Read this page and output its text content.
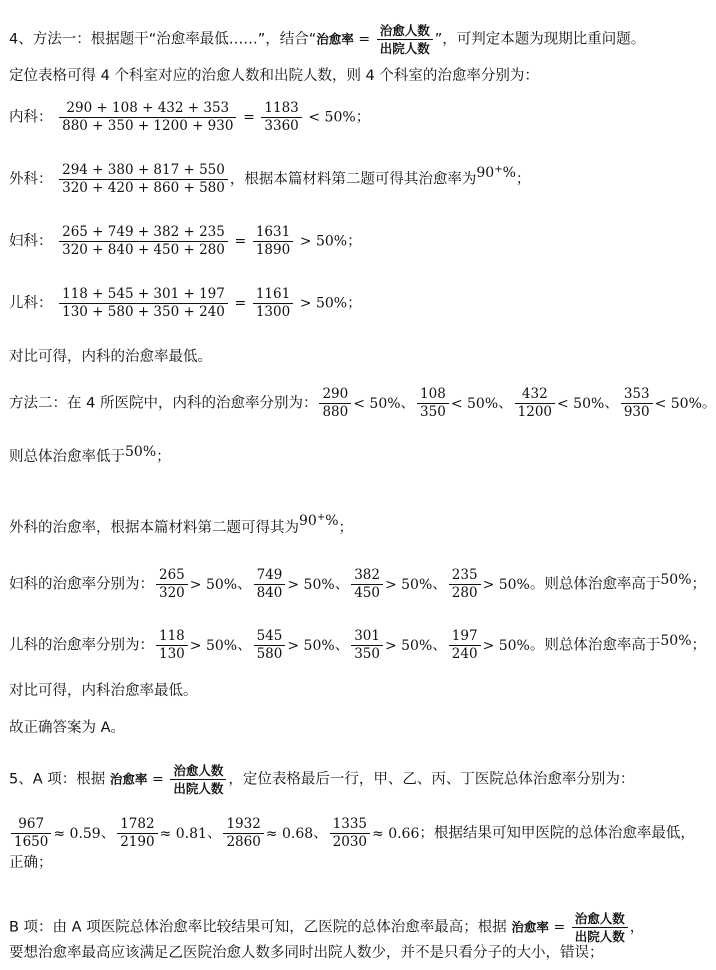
4、方法一：根据题干“治愈率最低……”，结合“治愈率 = $\frac{\text{治愈人数}}{\text{出院人数}}$ ”，可判定本题为现期比重问题。
定位表格可得 4 个科室对应的治愈人数和出院人数，则 4 个科室的治愈率分别为：
内科： $\frac{290 + 108 + 432 + 353}{880 + 350 + 1200 + 930} = \frac{1183}{3360} < 50\%$；
外科： $\frac{294 + 380 + 817 + 550}{320 + 420 + 860 + 580}$ ，根据本篇材料第二题可得其治愈率为90+%；
妇科： $\frac{265 + 749 + 382 + 235}{320 + 840 + 450 + 280} = \frac{1631}{1890} > 50\%$；
儿科： $\frac{118 + 545 + 301 + 197}{130 + 580 + 350 + 240} = \frac{1161}{1300} > 50\%$；
对比可得，内科的治愈率最低。
方法二：在 4 所医院中，内科的治愈率分别为： $\frac{290}{880} < 50\%$、 $\frac{108}{350} < 50\%$、 $\frac{432}{1200} < 50\%$、 $\frac{353}{930} < 50\%$。
则总体治愈率低于50%；
外科的治愈率，根据本篇材料第二题可得其为90+%；
妇科的治愈率分别为： $\frac{265}{320} > 50\%$、 $\frac{749}{840} > 50\%$、 $\frac{382}{450} > 50\%$、 $\frac{235}{280} > 50\%$。则总体治愈率高于50%；
儿科的治愈率分别为： $\frac{118}{130} > 50\%$、 $\frac{545}{580} > 50\%$、 $\frac{301}{350} > 50\%$、 $\frac{197}{240} > 50\%$。则总体治愈率高于50%；
对比可得，内科治愈率最低。
故正确答案为 A。
5、A 项：根据 治愈率 = $\frac{\text{治愈人数}}{\text{出院人数}}$ ，定位表格最后一行，甲、乙、丙、丁医院总体治愈率分别为：
$\frac{967}{1650} \approx 0.59$、 $\frac{1782}{2190} \approx 0.81$、 $\frac{1932}{2860} \approx 0.68$、 $\frac{1335}{2030} \approx 0.66$；根据结果可知甲医院的总体治愈率最低，
正确；
B 项：由 A 项医院总体治愈率比较结果可知，乙医院的总体治愈率最高；根据 治愈率 = $\frac{\text{治愈人数}}{\text{出院人数}}$ ，
要想治愈率最高应该满足乙医院治愈人数多同时出院人数少，并不是只看分子的大小，错误；
